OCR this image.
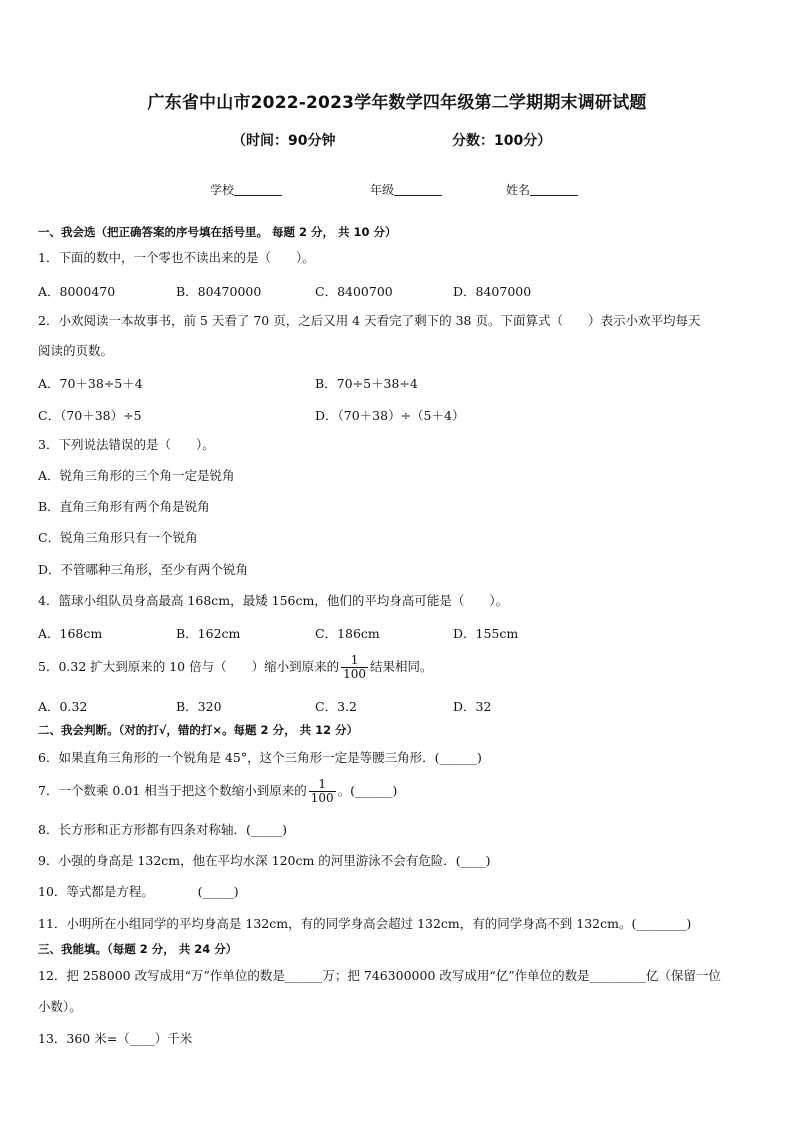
广东省中山市2022-2023学年数学四年级第二学期期末调研试题
（时间：90分钟	分数：100分）
学校	年级	姓名
一、我会选（把正确答案的序号填在括号里。 每题 2 分， 共 10 分）
1．下面的数中，一个零也不读出来的是（　　）。
A．8000470	B．80470000	C．8400700	D．8407000
2．小欢阅读一本故事书，前 5 天看了 70 页，之后又用 4 天看完了剩下的 38 页。下面算式（　　）表示小欢平均每天
阅读的页数。
A．70＋38÷5＋4	B．70÷5＋38÷4
C．（70＋38）÷5	D．（70＋38）÷（5＋4）
3．下列说法错误的是（　　）。
A．锐角三角形的三个角一定是锐角
B．直角三角形有两个角是锐角
C．锐角三角形只有一个锐角
D．不管哪种三角形，至少有两个锐角
4．篮球小组队员身高最高 168cm，最矮 156cm，他们的平均身高可能是（　　）。
A．168cm	B．162cm	C．186cm	D．155cm
5．0.32 扩大到原来的 10 倍与（　　）缩小到原来的 $\frac{1}{100}$ 结果相同。
A．0.32	B．320	C．3.2	D．32
二、我会判断。（对的打√，错的打×。每题 2 分， 共 12 分）
6．如果直角三角形的一个锐角是 45°，这个三角形一定是等腰三角形．(______)
7．一个数乘 0.01 相当于把这个数缩小到原来的 $\frac{1}{100}$ 。(______)
8．长方形和正方形都有四条对称轴．(_____)
9．小强的身高是 132cm，他在平均水深 120cm 的河里游泳不会有危险．(____)
10．等式都是方程。　　　　(_____)
11．小明所在小组同学的平均身高是 132cm，有的同学身高会超过 132cm，有的同学身高不到 132cm。(________)
三、我能填。（每题 2 分， 共 24 分）
12．把 258000 改写成用“万”作单位的数是______万；把 746300000 改写成用“亿”作单位的数是_________亿（保留一位
小数）。
13．360 米=（____）千米
